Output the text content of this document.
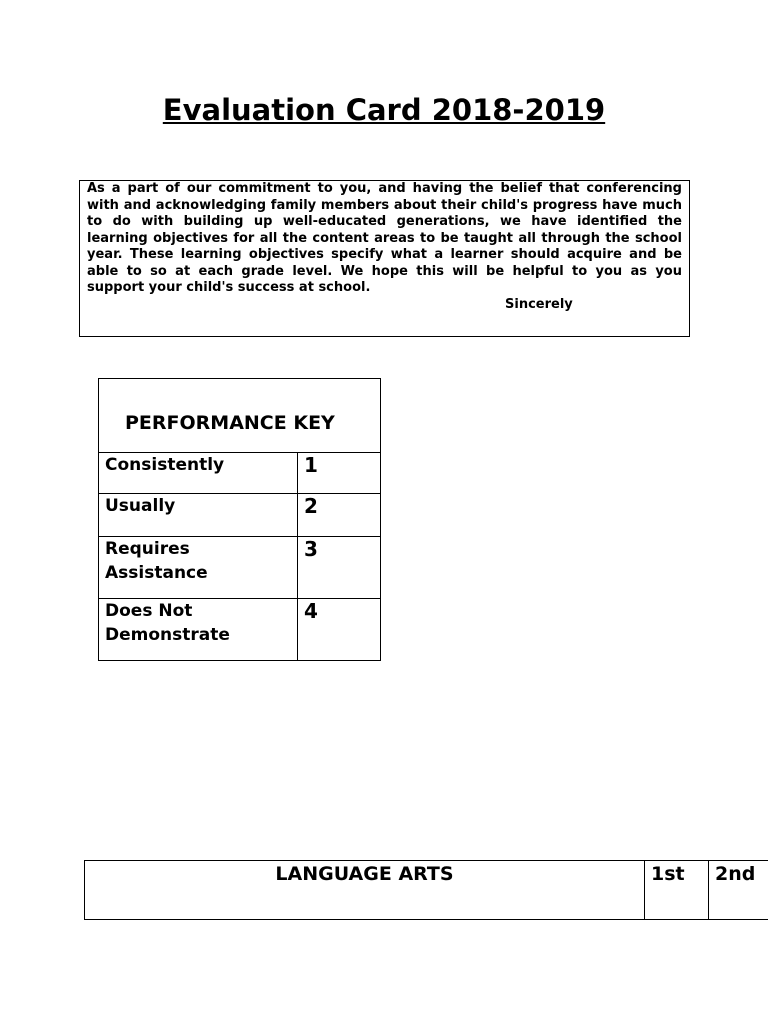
Evaluation Card 2018-2019

As a part of our commitment to you, and having the belief that conferencing with and acknowledging family members about their child's progress have much to do with building up well-educated generations, we have identified the learning objectives for all the content areas to be taught all through the school year. These learning objectives specify what a learner should acquire and be able to so at each grade level. We hope this will be helpful to you as you support your child's success at school.

Sincerely

PERFORMANCE KEY	
Consistently	1
Usually	2
Requires Assistance	3
Does Not Demonstrate	4
LANGUAGE ARTS	1st	2nd
